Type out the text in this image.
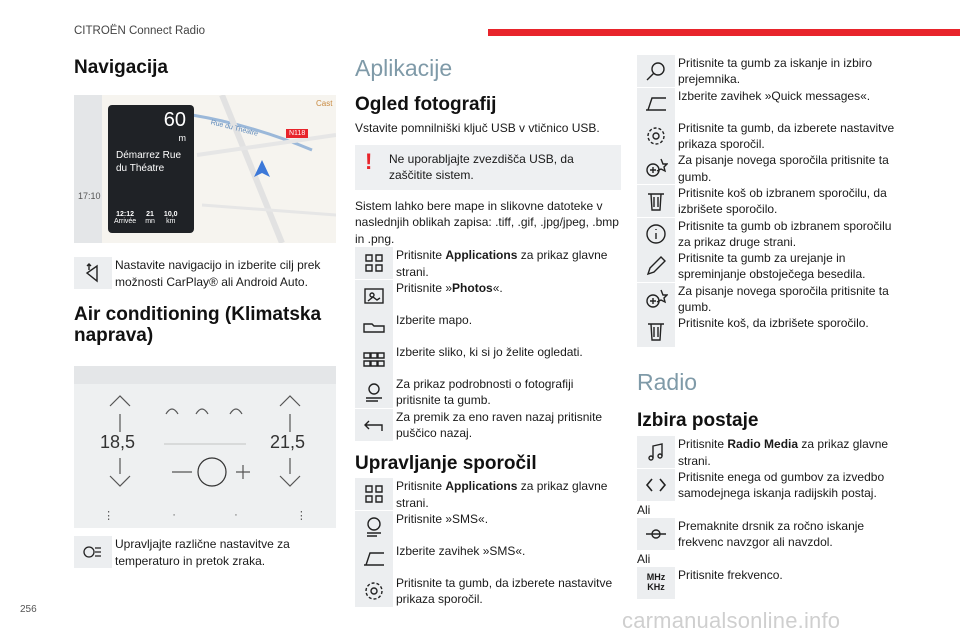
CITROËN Connect Radio
256	carmanualsonline.info
Navigacija
17:10
N118
Rue du Théatre
Cast
60
m
Démarrez Rue du Théatre
12:12
Arrivée
21
mn
10,0
km
Nastavite navigacijo in izberite cilj prek možnosti CarPlay® ali Android Auto.
Air conditioning (Klimatska naprava)
18,5	21,5
⋮	·	·	⋮
Upravljajte različne nastavitve za temperaturo in pretok zraka.
Aplikacije
Ogled fotografij

Vstavite pomnilniški ključ USB v vtičnico USB.

!	Ne uporabljajte zvezdišča USB, da zaščitite sistem.

Sistem lahko bere mape in slikovne datoteke v naslednjih oblikah zapisa: .tiff, .gif, .jpg/jpeg, .bmp in .png.

Pritisnite Applications za prikaz glavne strani.
Pritisnite »Photos«.
Izberite mapo.
Izberite sliko, ki si jo želite ogledati.
Za prikaz podrobnosti o fotografiji pritisnite ta gumb.
Za premik za eno raven nazaj pritisnite puščico nazaj.
Upravljanje sporočil
Pritisnite Applications za prikaz glavne strani.
Pritisnite »SMS«.
Izberite zavihek »SMS«.
Pritisnite ta gumb, da izberete nastavitve prikaza sporočil.
Pritisnite ta gumb za iskanje in izbiro prejemnika.
Izberite zavihek »Quick messages«.
Pritisnite ta gumb, da izberete nastavitve prikaza sporočil.
Za pisanje novega sporočila pritisnite ta gumb.
Pritisnite koš ob izbranem sporočilu, da izbrišete sporočilo.
Pritisnite ta gumb ob izbranem sporočilu za prikaz druge strani.
Pritisnite ta gumb za urejanje in spreminjanje obstoječega besedila.
Za pisanje novega sporočila pritisnite ta gumb.
Pritisnite koš, da izbrišete sporočilo.
Radio
Izbira postaje
Pritisnite Radio Media za prikaz glavne strani.
Pritisnite enega od gumbov za izvedbo samodejnega iskanja radijskih postaj.
Ali
Premaknite drsnik za ročno iskanje frekvenc navzgor ali navzdol.
Ali
MHz
KHz
Pritisnite frekvenco.
